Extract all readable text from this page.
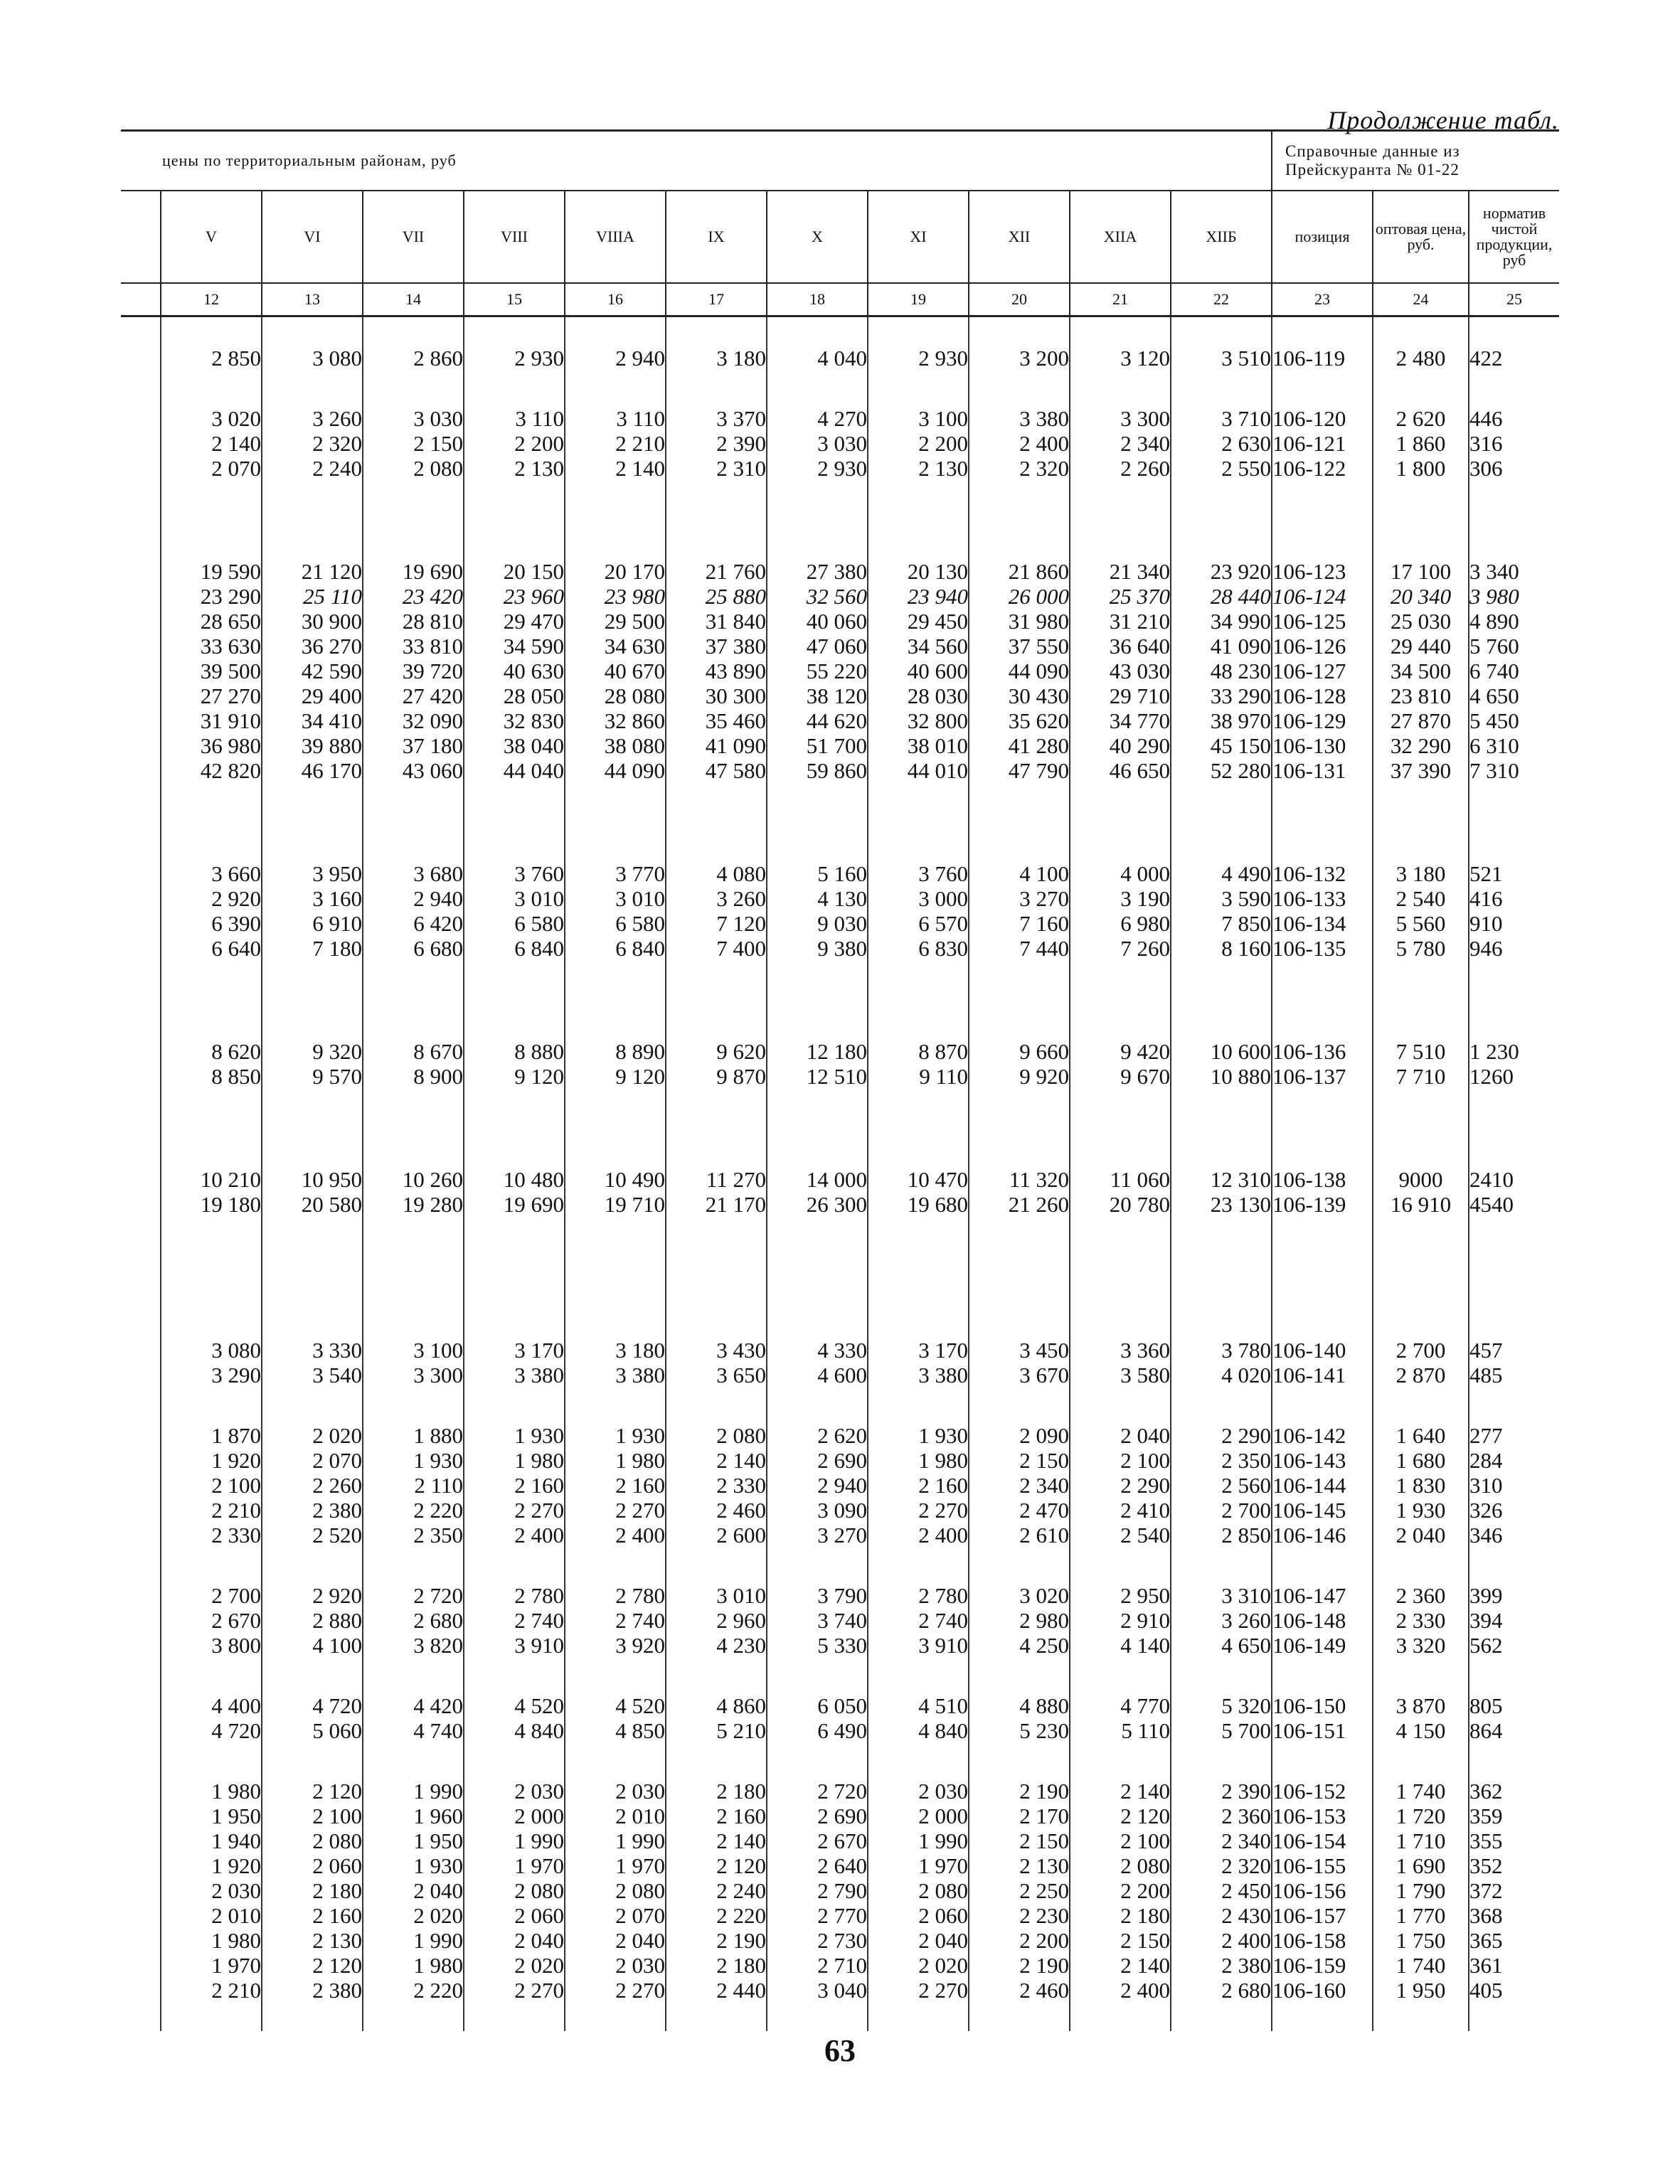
Продолжение табл.
цены по территориальным районам, руб												Справочные данные из
Прейскуранта № 01-22		

	V	VI	VII	VIII	VIIIА	IX	X	XI	XII	XIIА	XIIБ	позиция	оптовая цена, руб.	норматив чистой продукции, руб
	12	13	14	15	16	17	18	19	20	21	22	23	24	25

	2 850	3 080	2 860	2 930	2 940	3 180	4 040	2 930	3 200	3 120	3 510	106-119	2 480	422

	3 020	3 260	3 030	3 110	3 110	3 370	4 270	3 100	3 380	3 300	3 710	106-120	2 620	446
	2 140	2 320	2 150	2 200	2 210	2 390	3 030	2 200	2 400	2 340	2 630	106-121	1 860	316
	2 070	2 240	2 080	2 130	2 140	2 310	2 930	2 130	2 320	2 260	2 550	106-122	1 800	306

	19 590	21 120	19 690	20 150	20 170	21 760	27 380	20 130	21 860	21 340	23 920	106-123	17 100	3 340
	23 290	25 110	23 420	23 960	23 980	25 880	32 560	23 940	26 000	25 370	28 440	106-124	20 340	3 980
	28 650	30 900	28 810	29 470	29 500	31 840	40 060	29 450	31 980	31 210	34 990	106-125	25 030	4 890
	33 630	36 270	33 810	34 590	34 630	37 380	47 060	34 560	37 550	36 640	41 090	106-126	29 440	5 760
	39 500	42 590	39 720	40 630	40 670	43 890	55 220	40 600	44 090	43 030	48 230	106-127	34 500	6 740
	27 270	29 400	27 420	28 050	28 080	30 300	38 120	28 030	30 430	29 710	33 290	106-128	23 810	4 650
	31 910	34 410	32 090	32 830	32 860	35 460	44 620	32 800	35 620	34 770	38 970	106-129	27 870	5 450
	36 980	39 880	37 180	38 040	38 080	41 090	51 700	38 010	41 280	40 290	45 150	106-130	32 290	6 310
	42 820	46 170	43 060	44 040	44 090	47 580	59 860	44 010	47 790	46 650	52 280	106-131	37 390	7 310

	3 660	3 950	3 680	3 760	3 770	4 080	5 160	3 760	4 100	4 000	4 490	106-132	3 180	521
	2 920	3 160	2 940	3 010	3 010	3 260	4 130	3 000	3 270	3 190	3 590	106-133	2 540	416
	6 390	6 910	6 420	6 580	6 580	7 120	9 030	6 570	7 160	6 980	7 850	106-134	5 560	910
	6 640	7 180	6 680	6 840	6 840	7 400	9 380	6 830	7 440	7 260	8 160	106-135	5 780	946

	8 620	9 320	8 670	8 880	8 890	9 620	12 180	8 870	9 660	9 420	10 600	106-136	7 510	1 230
	8 850	9 570	8 900	9 120	9 120	9 870	12 510	9 110	9 920	9 670	10 880	106-137	7 710	1260

	10 210	10 950	10 260	10 480	10 490	11 270	14 000	10 470	11 320	11 060	12 310	106-138	9000	2410
	19 180	20 580	19 280	19 690	19 710	21 170	26 300	19 680	21 260	20 780	23 130	106-139	16 910	4540

	3 080	3 330	3 100	3 170	3 180	3 430	4 330	3 170	3 450	3 360	3 780	106-140	2 700	457
	3 290	3 540	3 300	3 380	3 380	3 650	4 600	3 380	3 670	3 580	4 020	106-141	2 870	485

	1 870	2 020	1 880	1 930	1 930	2 080	2 620	1 930	2 090	2 040	2 290	106-142	1 640	277
	1 920	2 070	1 930	1 980	1 980	2 140	2 690	1 980	2 150	2 100	2 350	106-143	1 680	284
	2 100	2 260	2 110	2 160	2 160	2 330	2 940	2 160	2 340	2 290	2 560	106-144	1 830	310
	2 210	2 380	2 220	2 270	2 270	2 460	3 090	2 270	2 470	2 410	2 700	106-145	1 930	326
	2 330	2 520	2 350	2 400	2 400	2 600	3 270	2 400	2 610	2 540	2 850	106-146	2 040	346

	2 700	2 920	2 720	2 780	2 780	3 010	3 790	2 780	3 020	2 950	3 310	106-147	2 360	399
	2 670	2 880	2 680	2 740	2 740	2 960	3 740	2 740	2 980	2 910	3 260	106-148	2 330	394
	3 800	4 100	3 820	3 910	3 920	4 230	5 330	3 910	4 250	4 140	4 650	106-149	3 320	562

	4 400	4 720	4 420	4 520	4 520	4 860	6 050	4 510	4 880	4 770	5 320	106-150	3 870	805
	4 720	5 060	4 740	4 840	4 850	5 210	6 490	4 840	5 230	5 110	5 700	106-151	4 150	864

	1 980	2 120	1 990	2 030	2 030	2 180	2 720	2 030	2 190	2 140	2 390	106-152	1 740	362
	1 950	2 100	1 960	2 000	2 010	2 160	2 690	2 000	2 170	2 120	2 360	106-153	1 720	359
	1 940	2 080	1 950	1 990	1 990	2 140	2 670	1 990	2 150	2 100	2 340	106-154	1 710	355
	1 920	2 060	1 930	1 970	1 970	2 120	2 640	1 970	2 130	2 080	2 320	106-155	1 690	352
	2 030	2 180	2 040	2 080	2 080	2 240	2 790	2 080	2 250	2 200	2 450	106-156	1 790	372
	2 010	2 160	2 020	2 060	2 070	2 220	2 770	2 060	2 230	2 180	2 430	106-157	1 770	368
	1 980	2 130	1 990	2 040	2 040	2 190	2 730	2 040	2 200	2 150	2 400	106-158	1 750	365
	1 970	2 120	1 980	2 020	2 030	2 180	2 710	2 020	2 190	2 140	2 380	106-159	1 740	361
	2 210	2 380	2 220	2 270	2 270	2 440	3 040	2 270	2 460	2 400	2 680	106-160	1 950	405

63
